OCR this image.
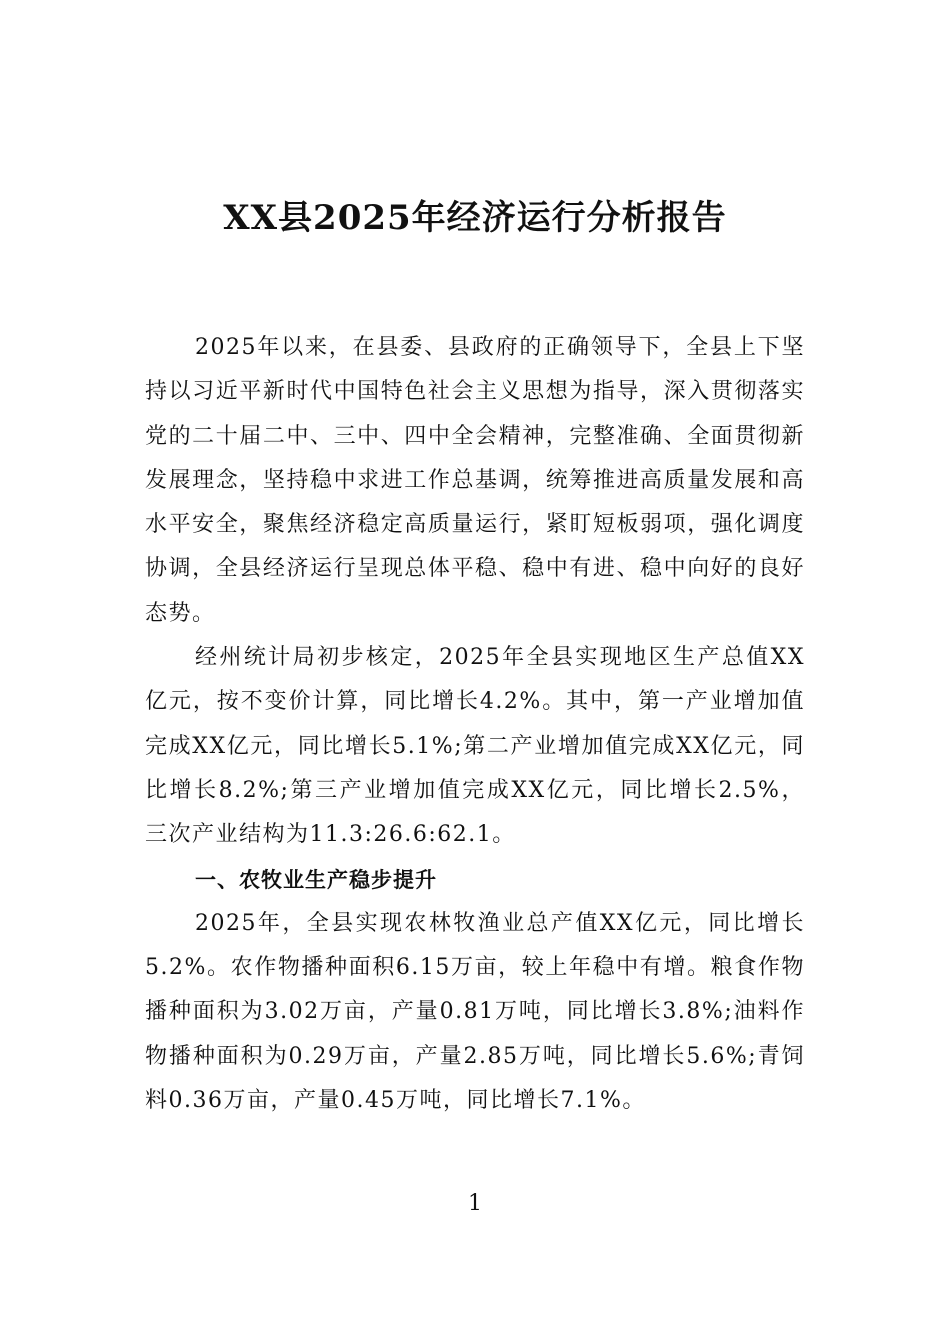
XX县2025年经济运行分析报告

2025年以来，在县委、县政府的正确领导下，全县上下坚持以习近平新时代中国特色社会主义思想为指导，深入贯彻落实党的二十届二中、三中、四中全会精神，完整准确、全面贯彻新发展理念，坚持稳中求进工作总基调，统筹推进高质量发展和高水平安全，聚焦经济稳定高质量运行，紧盯短板弱项，强化调度协调，全县经济运行呈现总体平稳、稳中有进、稳中向好的良好态势。

经州统计局初步核定，2025年全县实现地区生产总值XX亿元，按不变价计算，同比增长4.2%。其中，第一产业增加值完成XX亿元，同比增长5.1%;第二产业增加值完成XX亿元，同比增长8.2%;第三产业增加值完成XX亿元，同比增长2.5%，三次产业结构为11.3:26.6:62.1。

一、农牧业生产稳步提升

2025年，全县实现农林牧渔业总产值XX亿元，同比增长5.2%。农作物播种面积6.15万亩，较上年稳中有增。粮食作物播种面积为3.02万亩，产量0.81万吨，同比增长3.8%;油料作物播种面积为0.29万亩，产量2.85万吨，同比增长5.6%;青饲料0.36万亩，产量0.45万吨，同比增长7.1%。

1
